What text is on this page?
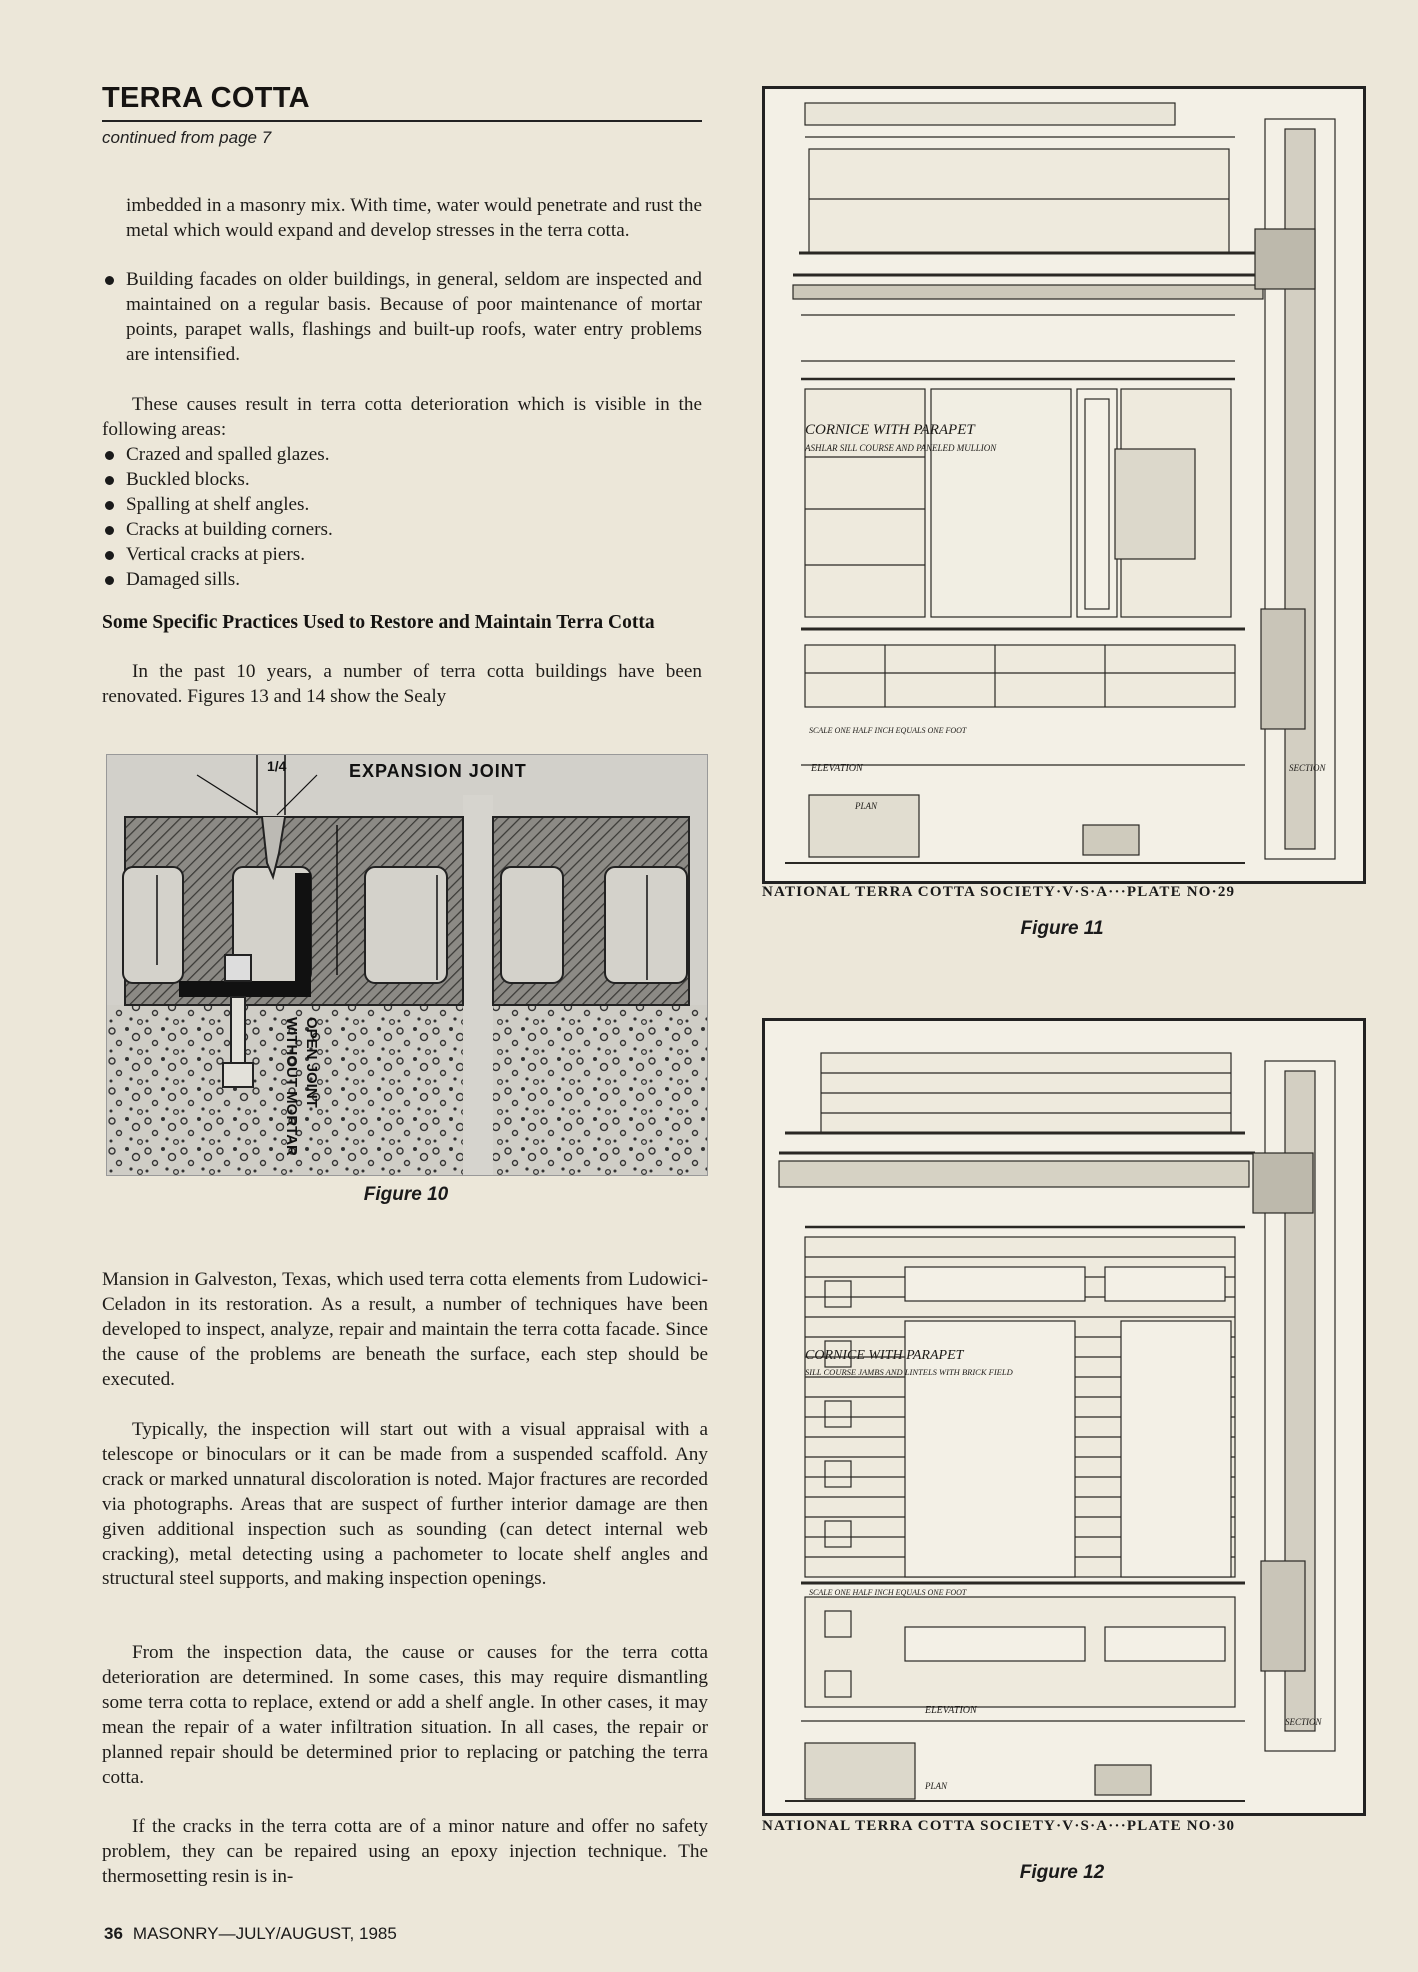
TERRA COTTA
continued from page 7

imbedded in a masonry mix. With time, water would penetrate and rust the metal which would expand and develop stresses in the terra cotta.

Building facades on older buildings, in general, seldom are inspected and maintained on a regular basis. Because of poor maintenance of mortar points, parapet walls, flashings and built-up roofs, water entry problems are intensified.

These causes result in terra cotta deterioration which is visible in the following areas:

Crazed and spalled glazes.
Buckled blocks.
Spalling at shelf angles.
Cracks at building corners.
Vertical cracks at piers.
Damaged sills.
Some Specific Practices Used to Restore and Maintain Terra Cotta

In the past 10 years, a number of terra cotta buildings have been renovated. Figures 13 and 14 show the Sealy

1/4	EXPANSION JOINT
OPEN JOINT
WITHOUT MORTAR
Figure 10

Mansion in Galveston, Texas, which used terra cotta elements from Ludowici-Celadon in its restoration. As a result, a number of techniques have been developed to inspect, analyze, repair and maintain the terra cotta facade. Since the cause of the problems are beneath the surface, each step should be executed.

Typically, the inspection will start out with a visual appraisal with a telescope or binoculars or it can be made from a suspended scaffold. Any crack or marked unnatural discoloration is noted. Major fractures are recorded via photographs. Areas that are suspect of further interior damage are then given additional inspection such as sounding (can detect internal web cracking), metal detecting using a pachometer to locate shelf angles and structural steel supports, and making inspection openings.

From the inspection data, the cause or causes for the terra cotta deterioration are determined. In some cases, this may require dismantling some terra cotta to replace, extend or add a shelf angle. In other cases, it may mean the repair of a water infiltration situation. In all cases, the repair or planned repair should be determined prior to replacing or patching the terra cotta.

If the cracks in the terra cotta are of a minor nature and offer no safety problem, they can be repaired using an epoxy injection technique. The thermosetting resin is in-

CORNICE WITH PARAPET
ASHLAR SILL COURSE AND PANELED MULLION
SCALE ONE HALF INCH EQUALS ONE FOOT
ELEVATION
PLAN
SECTION
NATIONAL TERRA COTTA SOCIETY·V·S·A···PLATE NO·29
Figure 11
CORNICE WITH PARAPET
SILL COURSE JAMBS AND LINTELS WITH BRICK FIELD
SCALE ONE HALF INCH EQUALS ONE FOOT
ELEVATION
PLAN
SECTION
NATIONAL TERRA COTTA SOCIETY·V·S·A···PLATE NO·30
Figure 12
36 MASONRY—JULY/AUGUST, 1985
